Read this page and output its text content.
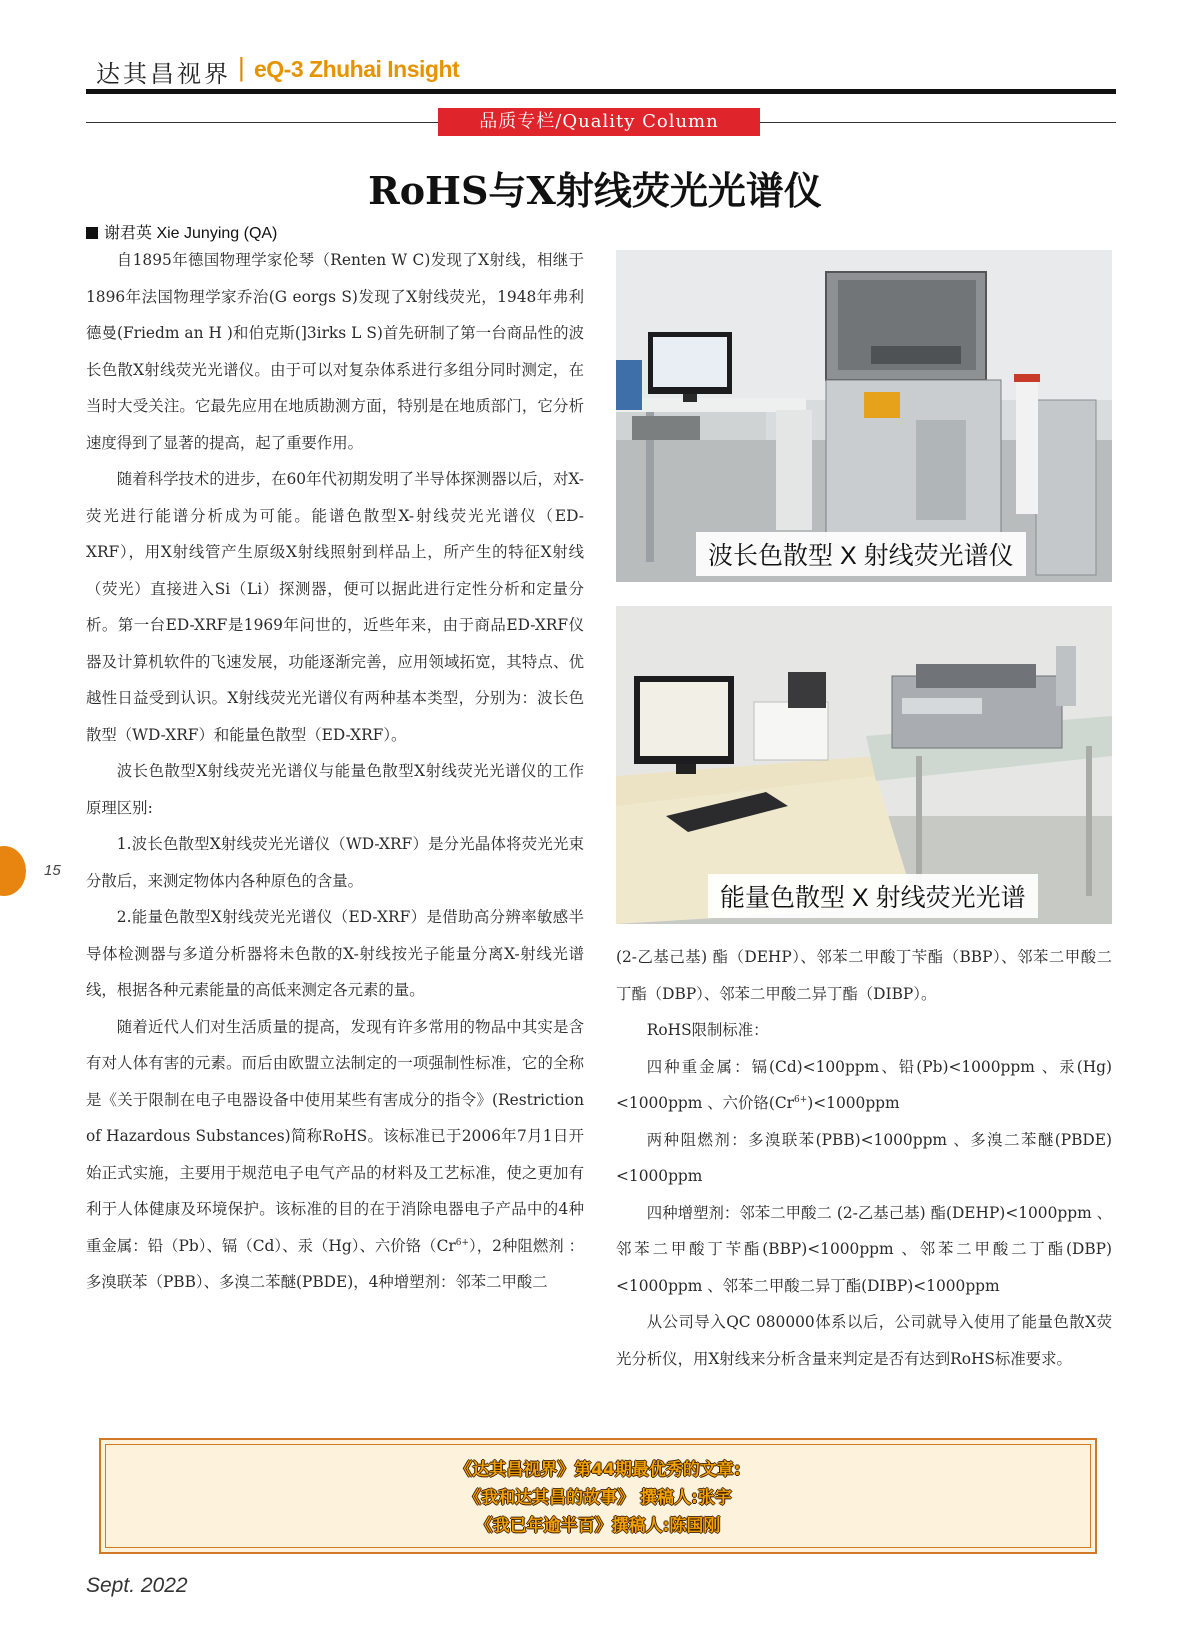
达其昌视界 | eQ-3 Zhuhai Insight
品质专栏/Quality Column
RoHS与X射线荧光光谱仪
谢君英 Xie Junying (QA)

自1895年德国物理学家伦琴（Renten W C)发现了X射线，相继于1896年法国物理学家乔治(G eorgs S)发现了X射线荧光，1948年弗利德曼(Friedm an H )和伯克斯(]3irks L S)首先研制了第一台商品性的波长色散X射线荧光光谱仪。由于可以对复杂体系进行多组分同时测定，在当时大受关注。它最先应用在地质勘测方面，特别是在地质部门，它分析速度得到了显著的提高，起了重要作用。

随着科学技术的进步，在60年代初期发明了半导体探测器以后，对X-荧光进行能谱分析成为可能。能谱色散型X-射线荧光光谱仪（ED-XRF），用X射线管产生原级X射线照射到样品上，所产生的特征X射线（荧光）直接进入Si（Li）探测器，便可以据此进行定性分析和定量分析。第一台ED-XRF是1969年问世的，近些年来，由于商品ED-XRF仪器及计算机软件的飞速发展，功能逐渐完善，应用领域拓宽，其特点、优越性日益受到认识。X射线荧光光谱仪有两种基本类型，分别为：波长色散型（WD-XRF）和能量色散型（ED-XRF）。

波长色散型X射线荧光光谱仪与能量色散型X射线荧光光谱仪的工作原理区别:

1.波长色散型X射线荧光光谱仪（WD-XRF）是分光晶体将荧光光束分散后，来测定物体内各种原色的含量。

2.能量色散型X射线荧光光谱仪（ED-XRF）是借助高分辨率敏感半导体检测器与多道分析器将未色散的X-射线按光子能量分离X-射线光谱线，根据各种元素能量的高低来测定各元素的量。

随着近代人们对生活质量的提高，发现有许多常用的物品中其实是含有对人体有害的元素。而后由欧盟立法制定的一项强制性标准，它的全称是《关于限制在电子电器设备中使用某些有害成分的指令》(Restriction of Hazardous Substances)简称RoHS。该标准已于2006年7月1日开始正式实施，主要用于规范电子电气产品的材料及工艺标准，使之更加有利于人体健康及环境保护。该标准的目的在于消除电器电子产品中的4种重金属：铅（Pb）、镉（Cd）、汞（Hg）、六价铬$(Cr^{6+})$，2种阻燃剂 ：多溴联苯（PBB）、多溴二苯醚(PBDE)，4种增塑剂：邻苯二甲酸二

波长色散型 X 射线荧光谱仪
能量色散型 X 射线荧光光谱

(2-乙基己基) 酯（DEHP）、邻苯二甲酸丁苄酯（BBP）、邻苯二甲酸二丁酯（DBP）、邻苯二甲酸二异丁酯（DIBP）。

RoHS限制标准：

四种重金属：镉(Cd)<100ppm、铅(Pb)<1000ppm 、汞(Hg)<1000ppm 、六价铬$(Cr^{6+})<1000ppm$

两种阻燃剂：多溴联苯(PBB)<1000ppm 、多溴二苯醚(PBDE)<1000ppm

四种增塑剂：邻苯二甲酸二 (2-乙基己基) 酯(DEHP)<1000ppm 、邻苯二甲酸丁苄酯(BBP)<1000ppm 、邻苯二甲酸二丁酯(DBP)<1000ppm 、邻苯二甲酸二异丁酯(DIBP)<1000ppm

从公司导入QC 080000体系以后，公司就导入使用了能量色散X荧光分析仪，用X射线来分析含量来判定是否有达到RoHS标准要求。

15
《达其昌视界》第44期最优秀的文章:
《我和达其昌的故事》 撰稿人:张宇
《我已年逾半百》撰稿人:陈国刚
Sept. 2022
